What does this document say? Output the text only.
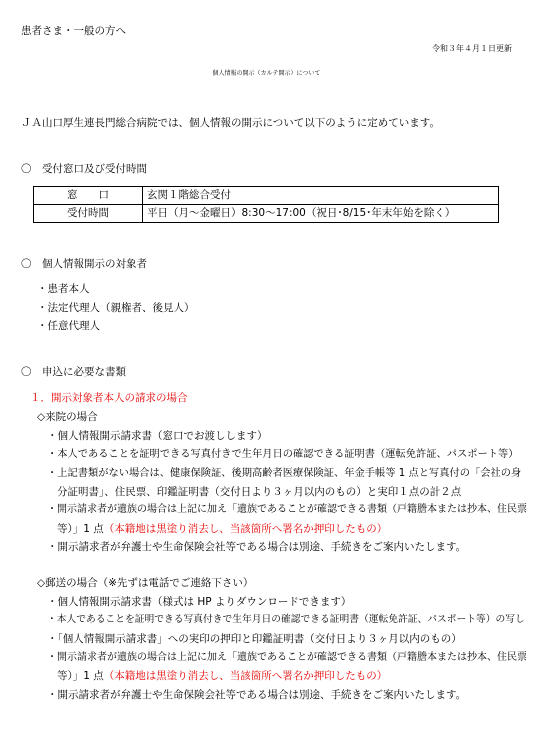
患者さま・一般の方へ
令和３年４月１日更新
個人情報の開示（カルテ開示）について
ＪＡ山口厚生連長門総合病院では、個人情報の開示について以下のように定めています。
〇　受付窓口及び受付時間
窓　　口	玄関１階総合受付
受付時間	平日（月～金曜日）8:30～17:00（祝日･8/15･年末年始を除く）
〇　個人情報開示の対象者
・患者本人
・法定代理人（親権者、後見人）
・任意代理人
〇　申込に必要な書類
１．開示対象者本人の請求の場合
◇来院の場合
・個人情報開示請求書（窓口でお渡しします）
・本人であることを証明できる写真付きで生年月日の確認できる証明書（運転免許証、パスポート等）
・上記書類がない場合は、健康保険証、後期高齢者医療保険証、年金手帳等 1 点と写真付の「会社の身
分証明書」、住民票、印鑑証明書（交付日より３ヶ月以内のもの）と実印１点の計２点
・開示請求者が遺族の場合は上記に加え「遺族であることが確認できる書類（戸籍謄本または抄本、住民票
等）」1 点（本籍地は黒塗り消去し、当該箇所へ署名か押印したもの）
・開示請求者が弁護士や生命保険会社等である場合は別途、手続きをご案内いたします。
◇郵送の場合（※先ずは電話でご連絡下さい）
・個人情報開示請求書（様式は HP よりダウンロードできます）
・本人であることを証明できる写真付きで生年月日の確認できる証明書（運転免許証、パスポート等）の写し
・「個人情報開示請求書」への実印の押印と印鑑証明書（交付日より３ヶ月以内のもの）
・開示請求者が遺族の場合は上記に加え「遺族であることが確認できる書類（戸籍謄本または抄本、住民票
等）」1 点（本籍地は黒塗り消去し、当該箇所へ署名か押印したもの）
・開示請求者が弁護士や生命保険会社等である場合は別途、手続きをご案内いたします。
